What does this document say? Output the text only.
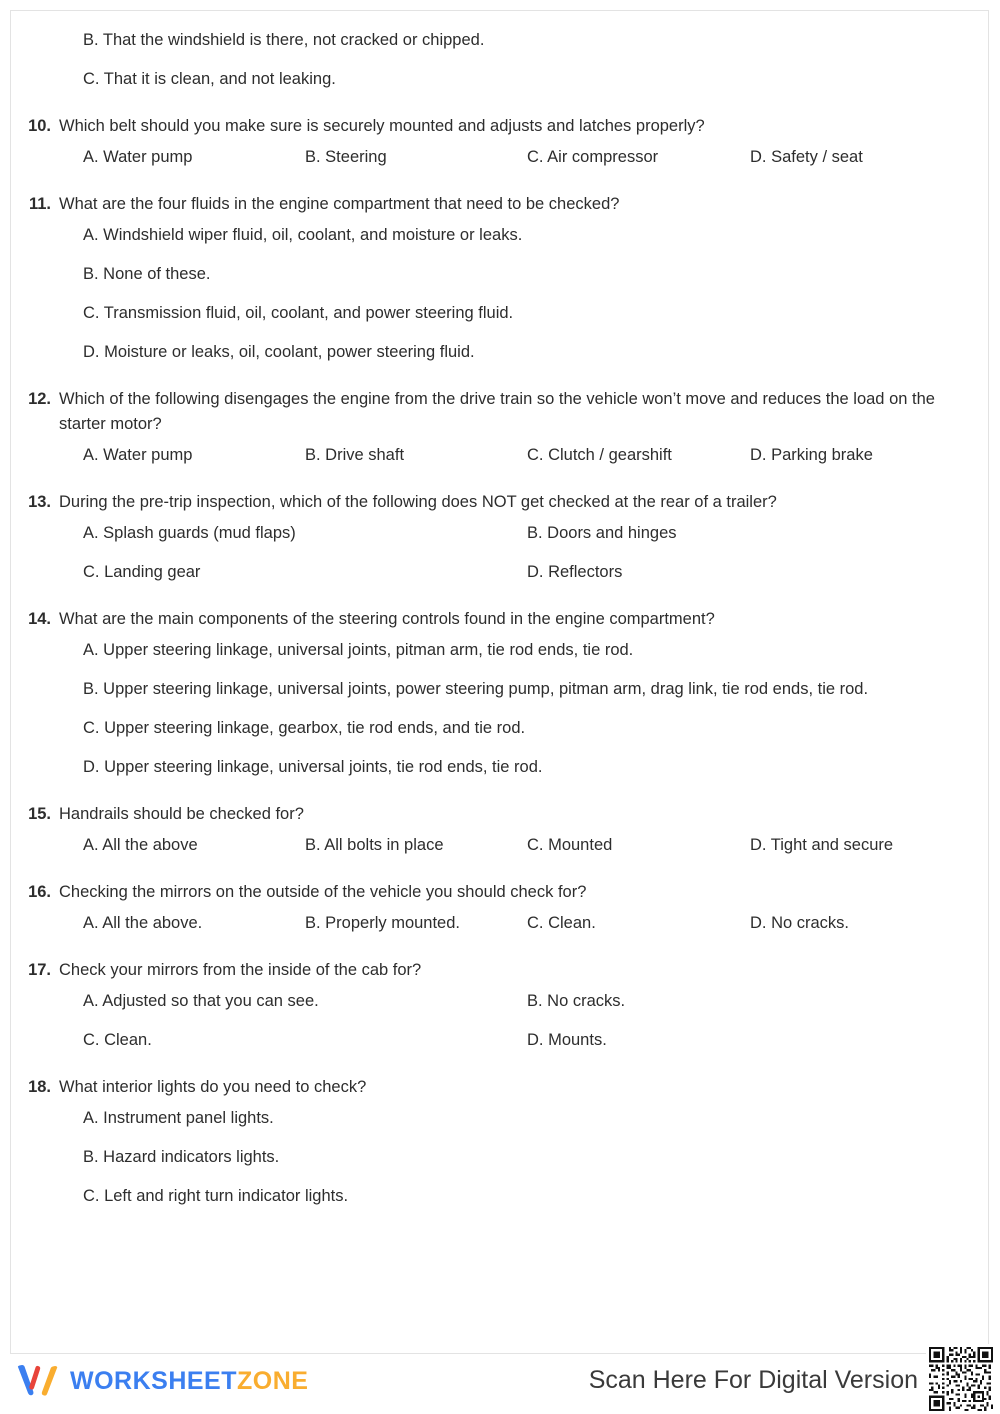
B. That the windshield is there, not cracked or chipped.
C. That it is clean, and not leaking.
10. Which belt should you make sure is securely mounted and adjusts and latches properly?
A. Water pump	B. Steering	C. Air compressor	D. Safety / seat
11. What are the four fluids in the engine compartment that need to be checked?
A. Windshield wiper fluid, oil, coolant, and moisture or leaks.
B. None of these.
C. Transmission fluid, oil, coolant, and power steering fluid.
D. Moisture or leaks, oil, coolant, power steering fluid.
12. Which of the following disengages the engine from the drive train so the vehicle won’t move and reduces the load on the starter motor?
A. Water pump	B. Drive shaft	C. Clutch / gearshift	D. Parking brake
13. During the pre-trip inspection, which of the following does NOT get checked at the rear of a trailer?
A. Splash guards (mud flaps)	B. Doors and hinges
C. Landing gear	D. Reflectors
14. What are the main components of the steering controls found in the engine compartment?
A. Upper steering linkage, universal joints, pitman arm, tie rod ends, tie rod.
B. Upper steering linkage, universal joints, power steering pump, pitman arm, drag link, tie rod ends, tie rod.
C. Upper steering linkage, gearbox, tie rod ends, and tie rod.
D. Upper steering linkage, universal joints, tie rod ends, tie rod.
15. Handrails should be checked for?
A. All the above	B. All bolts in place	C. Mounted	D. Tight and secure
16. Checking the mirrors on the outside of the vehicle you should check for?
A. All the above.	B. Properly mounted.	C. Clean.	D. No cracks.
17. Check your mirrors from the inside of the cab for?
A. Adjusted so that you can see.	B. No cracks.
C. Clean.	D. Mounts.
18. What interior lights do you need to check?
A. Instrument panel lights.
B. Hazard indicators lights.
C. Left and right turn indicator lights.
WORKSHEETZONE	Scan Here For Digital Version
